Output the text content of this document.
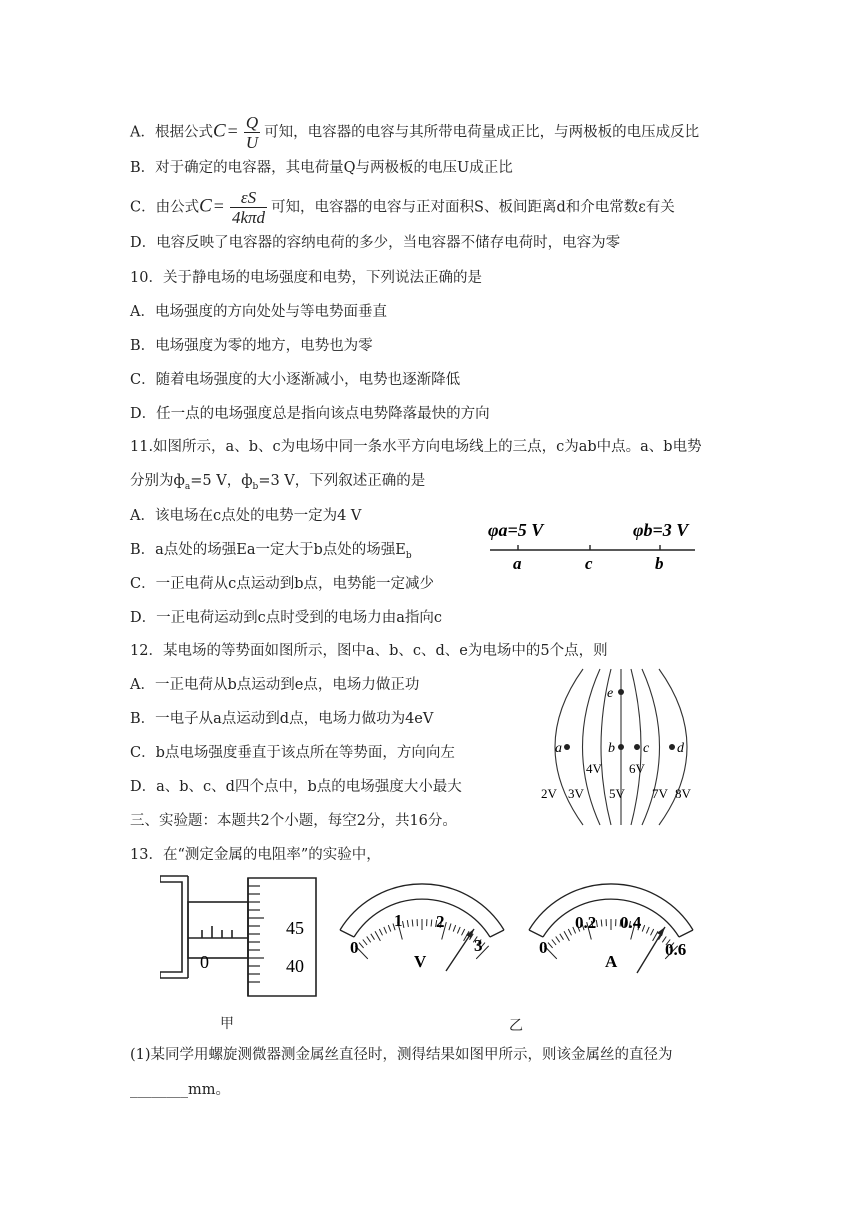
A．根据公式$C = \frac{Q}{U}$ 可知，电容器的电容与其所带电荷量成正比，与两极板的电压成反比
B．对于确定的电容器，其电荷量Q与两极板的电压U成正比
C．由公式$C = \frac{\varepsilon S}{\text{4kπd}}$ 可知，电容器的电容与正对面积S、板间距离d和介电常数ε有关
D．电容反映了电容器的容纳电荷的多少，当电容器不储存电荷时，电容为零
10．关于静电场的电场强度和电势，下列说法正确的是
A．电场强度的方向处处与等电势面垂直
B．电场强度为零的地方，电势也为零
C．随着电场强度的大小逐渐减小，电势也逐渐降低
D．任一点的电场强度总是指向该点电势降落最快的方向
11.如图所示，a、b、c为电场中同一条水平方向电场线上的三点，c为ab中点。a、b电势
分别为$ф_a=5$ V，$ф_b=3$ V，下列叙述正确的是
A．该电场在c点处的电势一定为4 V
B．a点处的场强Ea一定大于b点处的场强$E_b$
C．一正电荷从c点运动到b点，电势能一定减少
D．一正电荷运动到c点时受到的电场力由a指向c
φa=5 V	φb=3 V
a	c	b
12．某电场的等势面如图所示，图中a、b、c、d、e为电场中的5个点，则
A．一正电荷从b点运动到e点，电场力做正功
B．一电子从a点运动到d点，电场力做功为4eV
C．b点电场强度垂直于该点所在等势面，方向向左
D．a、b、c、d四个点中，b点的电场强度大小最大
e
a	b c d
4V 6V
2V 3V 5V 7V 8V
三、实验题：本题共2个小题，每空2分，共16分。
13．在“测定金属的电阻率”的实验中，
45
40
0
甲
0
1 2
3
V
乙
0
0.2 0.4
0.6
A
(1)某同学用螺旋测微器测金属丝直径时，测得结果如图甲所示，则该金属丝的直径为
________mm。
